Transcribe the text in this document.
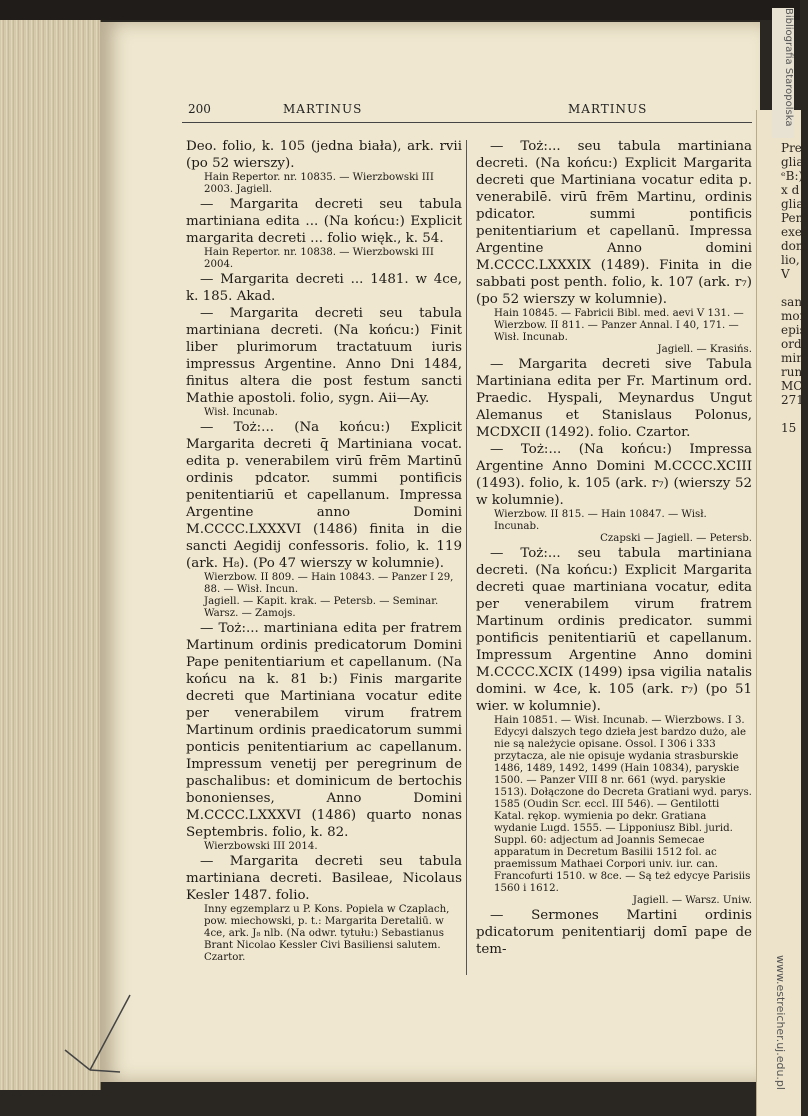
Pre
glia
ᵉB:)
x d
glia
Pent
exer
dom
lio,
V
san
mor
epis
ord
min
run
MC
271
15
Bibliografia Staropolska
www.estreicher.uj.edu.pl
200	MARTINUS	MARTINUS

Deo. folio, k. 105 (jedna biała), ark. rvii (po 52 wierszy).

Hain Repertor. nr. 10835. — Wierzbowski III 2003. Jagiell.

— Margarita decreti seu tabula martiniana edita ... (Na końcu:) Explicit margarita decreti ... folio więk., k. 54.

Hain Repertor. nr. 10838. — Wierzbowski III 2004.

— Margarita decreti ... 1481. w 4ce, k. 185. Akad.

— Margarita decreti seu tabula martiniana decreti. (Na końcu:) Finit liber plurimorum tractatuum iuris impressus Argentine. Anno Dni 1484, finitus altera die post festum sancti Mathie apostoli. folio, sygn. Aii—Ay.

Wisł. Incunab.

— Toż:... (Na końcu:) Explicit Margarita decreti q̄ Martiniana vocat. edita p. venerabilem virū frēm Martinū ordinis pdcator. summi pontificis penitentiariū et capellanum. Impressa Argentine anno Domini M.CCCC.LXXXVI (1486) finita in die sancti Aegidij confessoris. folio, k. 119 (ark. H₈). (Po 47 wierszy w kolumnie).

Wierzbow. II 809. — Hain 10843. — Panzer I 29, 88. — Wisł. Incun.

Jagiell. — Kapit. krak. — Petersb. — Seminar. Warsz. — Zamojs.

— Toż:... martiniana edita per fratrem Martinum ordinis predicatorum Domini Pape penitentiarium et capellanum. (Na końcu na k. 81 b:) Finis margarite decreti que Martiniana vocatur edite per venerabilem virum fratrem Martinum ordinis praedicatorum summi ponticis penitentiarium ac capellanum. Impressum venetij per peregrinum de paschalibus: et dominicum de bertochis bononienses, Anno Domini M.CCCC.LXXXVI (1486) quarto nonas Septembris. folio, k. 82.

Wierzbowski III 2014.

— Margarita decreti seu tabula martiniana decreti. Basileae, Nicolaus Kesler 1487. folio.

Inny egzemplarz u P. Kons. Popiela w Czaplach, pow. miechowski, p. t.: Margarita Deretaliū. w 4ce, ark. J₈ nlb. (Na odwr. tytułu:) Sebastianus Brant Nicolao Kessler Civi Basiliensi salutem. Czartor.

— Toż:... seu tabula martiniana decreti. (Na końcu:) Explicit Margarita decreti que Martiniana vocatur edita p. venerabilē. virū frēm Martinu, ordinis pdicator. summi pontificis penitentiarium et capellanū. Impressa Argentine Anno domini M.CCCC.LXXXIX (1489). Finita in die sabbati post penth. folio, k. 107 (ark. r₇) (po 52 wierszy w kolumnie).

Hain 10845. — Fabricii Bibl. med. aevi V 131. — Wierzbow. II 811. — Panzer Annal. I 40, 171. — Wisł. Incunab.

Jagiell. — Krasińs.

— Margarita decreti sive Tabula Martiniana edita per Fr. Martinum ord. Praedic. Hyspali, Meynardus Ungut Alemanus et Stanislaus Polonus, MCDXCII (1492). folio. Czartor.

— Toż:... (Na końcu:) Impressa Argentine Anno Domini M.CCCC.XCIII (1493). folio, k. 105 (ark. r₇) (wierszy 52 w kolumnie).

Wierzbow. II 815. — Hain 10847. — Wisł. Incunab.

Czapski — Jagiell. — Petersb.

— Toż:... seu tabula martiniana decreti. (Na końcu:) Explicit Margarita decreti quae martiniana vocatur, edita per venerabilem virum fratrem Martinum ordinis predicator. summi pontificis penitentiariū et capellanum. Impressum Argentine Anno domini M.CCCC.XCIX (1499) ipsa vigilia natalis domini. w 4ce, k. 105 (ark. r₇) (po 51 wier. w kolumnie).

Hain 10851. — Wisł. Incunab. — Wierzbows. I 3.

Edycyi dalszych tego dzieła jest bardzo dużo, ale nie są należycie opisane. Ossol. I 306 i 333 przytacza, ale nie opisuje wydania strasburskie 1486, 1489, 1492, 1499 (Hain 10834), paryskie 1500. — Panzer VIII 8 nr. 661 (wyd. paryskie 1513). Dołączone do Decreta Gratiani wyd. parys. 1585 (Oudin Scr. eccl. III 546). — Gentilotti Katal. rękop. wymienia po dekr. Gratiana wydanie Lugd. 1555. — Lipponiusz Bibl. jurid. Suppl. 60: adjectum ad Joannis Semecae apparatum in Decretum Basilii 1512 fol. ac praemissum Mathaei Corpori univ. iur. can. Francofurti 1510. w 8ce. — Są też edycye Parisiis 1560 i 1612.

Jagiell. — Warsz. Uniw.

— Sermones Martini ordinis pdicatorum penitentiarij domī pape de tem-
